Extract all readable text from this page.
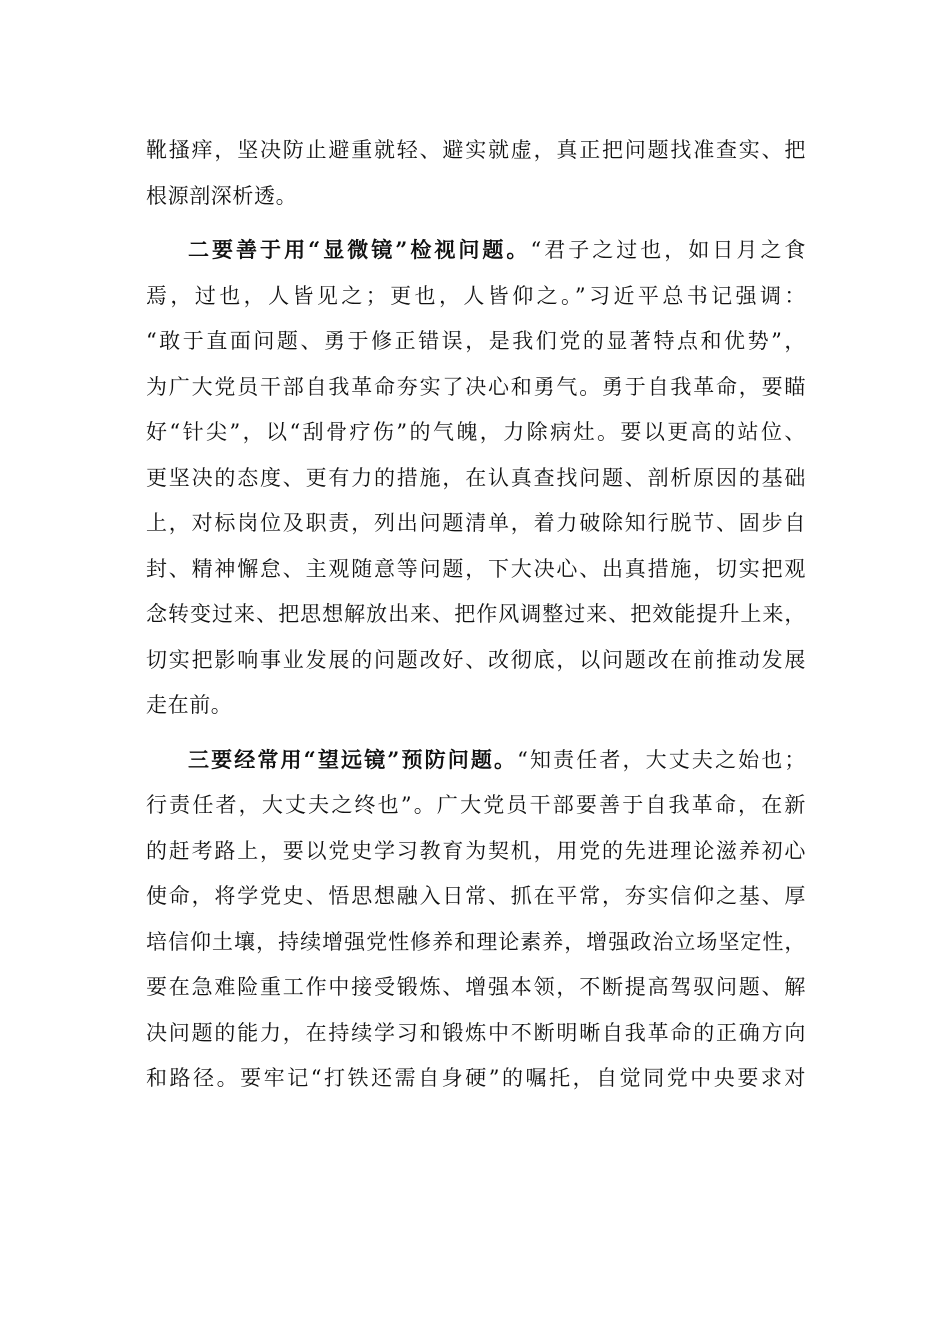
靴搔痒，坚决防止避重就轻、避实就虚，真正把问题找准查实、把
根源剖深析透。
二要善于用“显微镜”检视问题。“君子之过也，如日月之食
焉，过也，人皆见之；更也，人皆仰之。”习近平总书记强调：
“敢于直面问题、勇于修正错误，是我们党的显著特点和优势”，
为广大党员干部自我革命夯实了决心和勇气。勇于自我革命，要瞄
好“针尖”，以“刮骨疗伤”的气魄，力除病灶。要以更高的站位、
更坚决的态度、更有力的措施，在认真查找问题、剖析原因的基础
上，对标岗位及职责，列出问题清单，着力破除知行脱节、固步自
封、精神懈怠、主观随意等问题，下大决心、出真措施，切实把观
念转变过来、把思想解放出来、把作风调整过来、把效能提升上来，
切实把影响事业发展的问题改好、改彻底，以问题改在前推动发展
走在前。
三要经常用“望远镜”预防问题。“知责任者，大丈夫之始也；
行责任者，大丈夫之终也”。广大党员干部要善于自我革命，在新
的赶考路上，要以党史学习教育为契机，用党的先进理论滋养初心
使命，将学党史、悟思想融入日常、抓在平常，夯实信仰之基、厚
培信仰土壤，持续增强党性修养和理论素养，增强政治立场坚定性，
要在急难险重工作中接受锻炼、增强本领，不断提高驾驭问题、解
决问题的能力，在持续学习和锻炼中不断明晰自我革命的正确方向
和路径。要牢记“打铁还需自身硬”的嘱托，自觉同党中央要求对
